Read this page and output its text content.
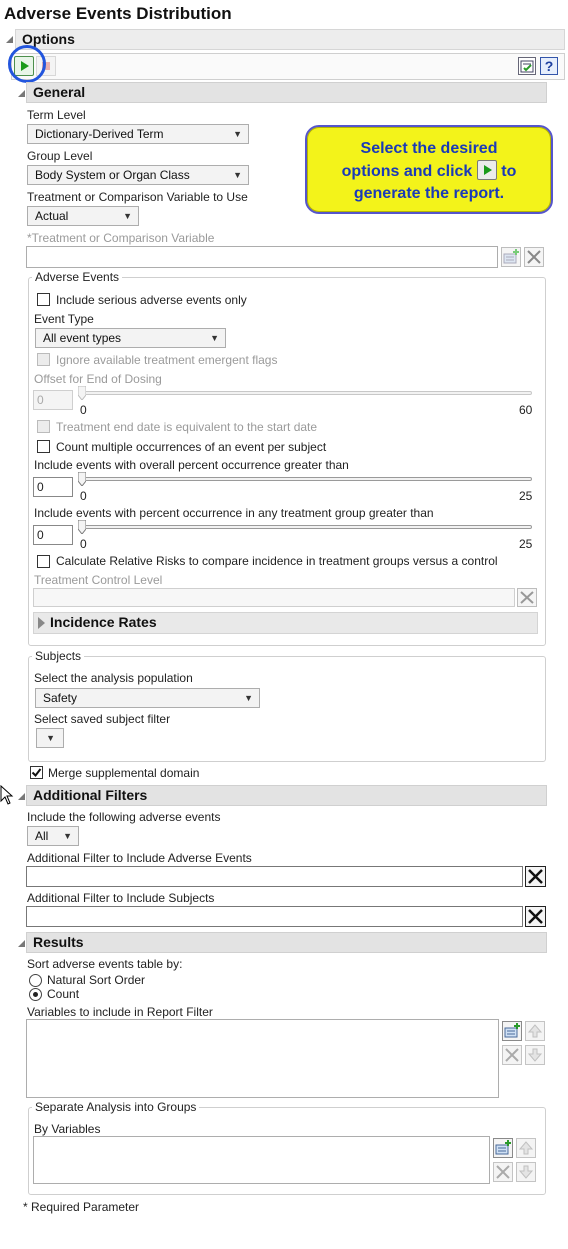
Adverse Events Distribution
Options
?
General
Term Level
Dictionary-Derived Term	▼
Group Level
Body System or Organ Class	▼
Treatment or Comparison Variable to Use
Actual	▼
*Treatment or Comparison Variable
Select the desired
options and click to
generate the report.
Adverse Events
Include serious adverse events only
Event Type
All event types	▼
Ignore available treatment emergent flags
Offset for End of Dosing
0
0	60
Treatment end date is equivalent to the start date
Count multiple occurrences of an event per subject
Include events with overall percent occurrence greater than
0
0	25
Include events with percent occurrence in any treatment group greater than
0
0	25
Calculate Relative Risks to compare incidence in treatment groups versus a control
Treatment Control Level
Incidence Rates
Subjects
Select the analysis population
Safety	▼
Select saved subject filter
▼
Merge supplemental domain
Additional Filters
Include the following adverse events
All ▼
Additional Filter to Include Adverse Events
Additional Filter to Include Subjects
Results
Sort adverse events table by:
Natural Sort Order
Count
Variables to include in Report Filter
Separate Analysis into Groups
By Variables
* Required Parameter
